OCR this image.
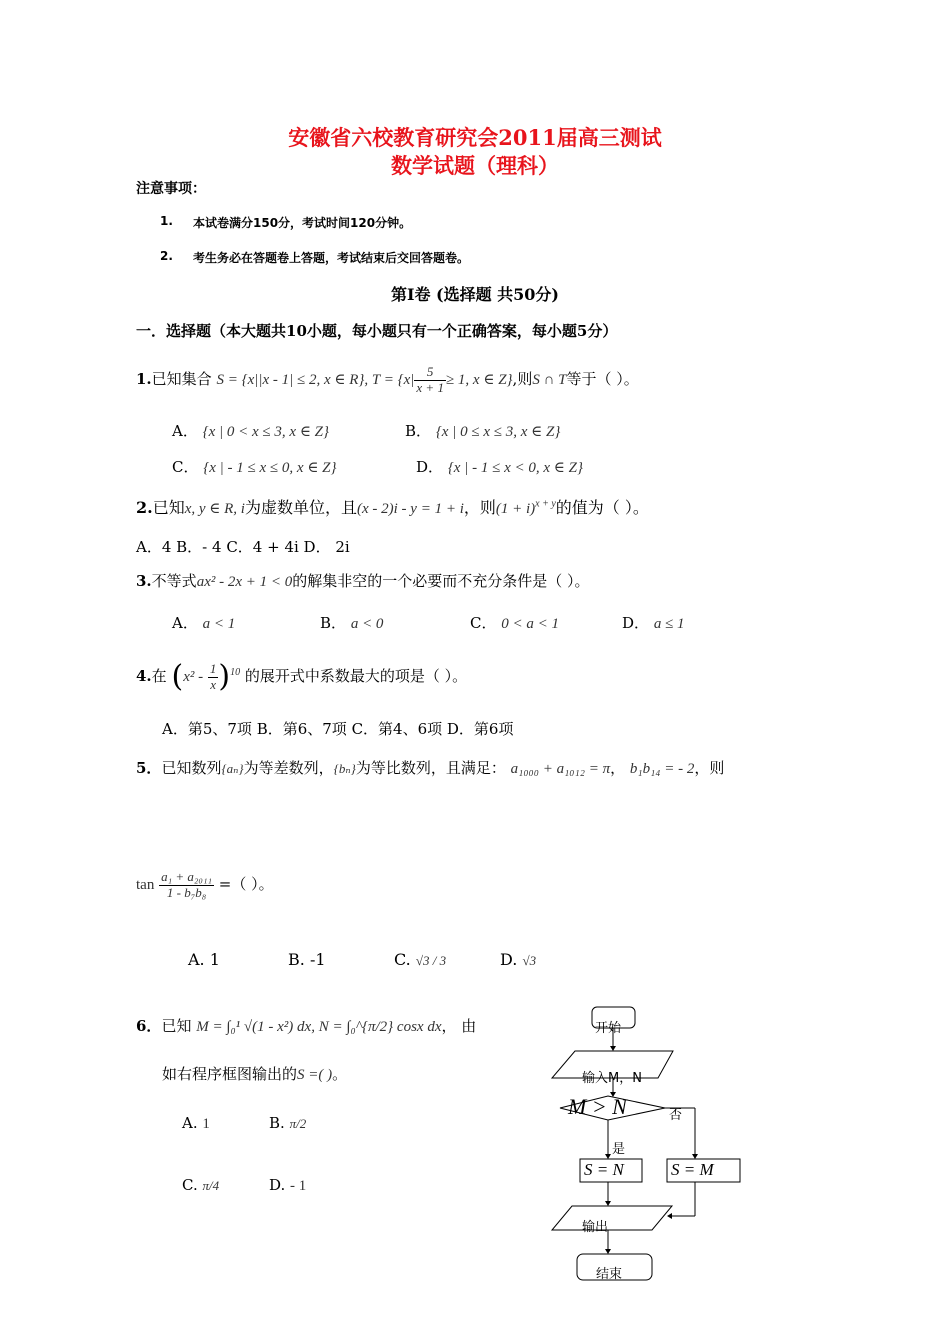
安徽省六校教育研究会2011届高三测试
数学试题（理科）
注意事项：
1. 本试卷满分150分，考试时间120分钟。
2. 考生务必在答题卷上答题，考试结束后交回答题卷。
第I卷 (选择题 共50分)
一．选择题（本大题共10小题，每小题只有一个正确答案，每小题5分）
1.已知集合 S = {x||x - 1| ≤ 2, x ∈ R}, $T = \{x| \frac{5}{x + 1} \ge 1$, x ∈ Z},则S ∩ T等于（ ）。
A． {x | 0 < x ≤ 3, x ∈ Z}	B． {x | 0 ≤ x ≤ 3, x ∈ Z}
C． {x | - 1 ≤ x ≤ 0, x ∈ Z}	D． {x | - 1 ≤ x < 0, x ∈ Z}
2.已知x, y ∈ R, i为虚数单位，且(x - 2)i - y = 1 + i，则$(1 + i)^{x + y}$的值为（ ）。
A．4 B．- 4 C．4 + 4i D． 2i
3.不等式ax² - 2x + 1 < 0的解集非空的一个必要而不充分条件是（ ）。
A． a < 1	B． a < 0	C． 0 < a < 1	D． a ≤ 1
4.在 $(x^2 - \frac{1}{x} )^{10}$ 的展开式中系数最大的项是（ ）。
A．第5、7项 B．第6、7项 C．第4、6项 D．第6项
5．已知数列{aₙ}为等差数列，{bₙ}为等比数列，且满足： a₁₀₀₀ + a₁₀₁₂ = π， b₁b₁₄ = - 2，则
$\tan \frac{\text{a₁ + a₂₀₁₁}}{\text{1 - b₇b₈}}$ =（ ）。
A. 1	B. -1	C. √3 / 3	D. √3
6．已知 M = ∫₀¹ √(1 - x²) dx, N = ∫₀^{π/2} cosx dx， 由
如右程序框图输出的S =( )。
A. 1	B. π/2
C. π/4	D. - 1
开始
输入M，N
M > N	否
是
S = N	S = M
输出
结束
